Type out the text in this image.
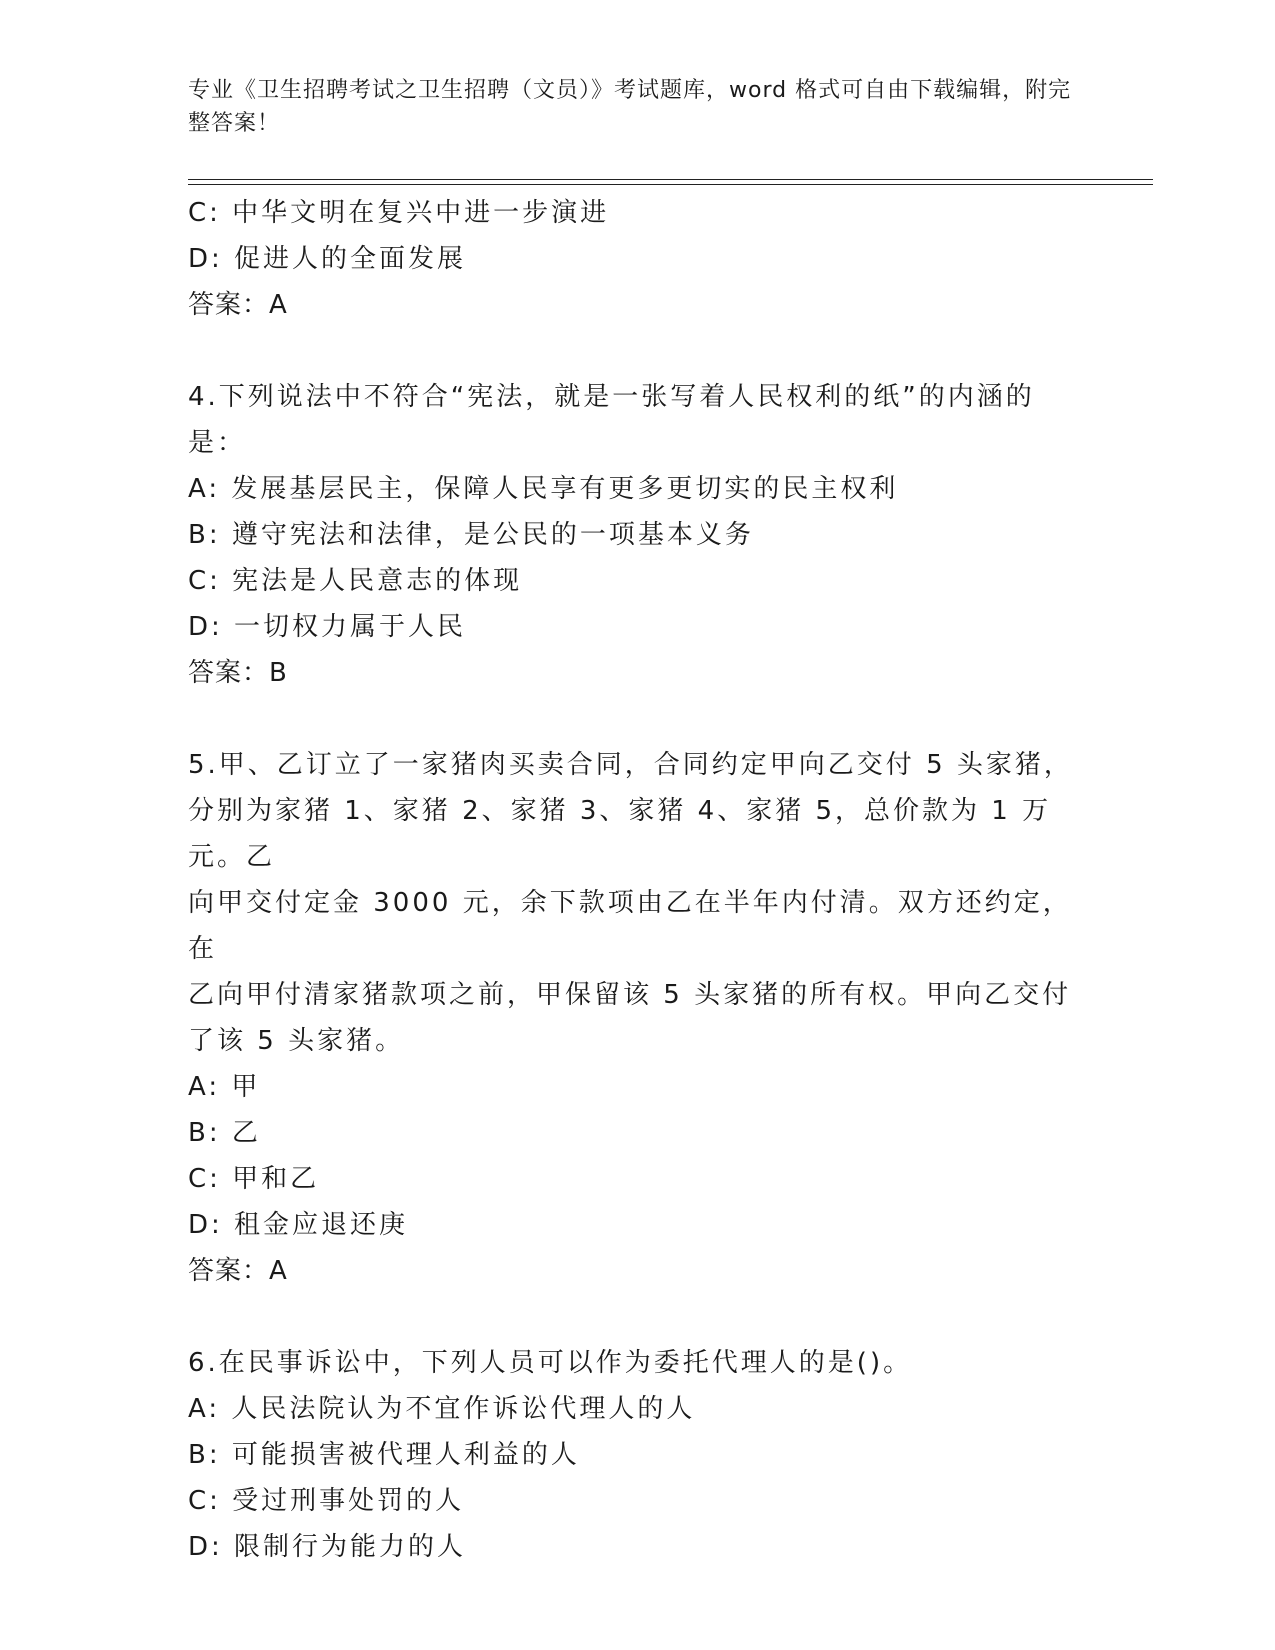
专业《卫生招聘考试之卫生招聘（文员）》考试题库，word 格式可自由下载编辑，附完整答案！
C: 中华文明在复兴中进一步演进
D: 促进人的全面发展
答案：A
4.下列说法中不符合“宪法，就是一张写着人民权利的纸”的内涵的
是：
A: 发展基层民主，保障人民享有更多更切实的民主权利
B: 遵守宪法和法律，是公民的一项基本义务
C: 宪法是人民意志的体现
D: 一切权力属于人民
答案：B
5.甲、乙订立了一家猪肉买卖合同，合同约定甲向乙交付 5 头家猪，
分别为家猪 1、家猪 2、家猪 3、家猪 4、家猪 5，总价款为 1 万元。乙
向甲交付定金 3000 元，余下款项由乙在半年内付清。双方还约定，在
乙向甲付清家猪款项之前，甲保留该 5 头家猪的所有权。甲向乙交付
了该 5 头家猪。
A: 甲
B: 乙
C: 甲和乙
D: 租金应退还庚
答案：A
6.在民事诉讼中，下列人员可以作为委托代理人的是()。
A: 人民法院认为不宜作诉讼代理人的人
B: 可能损害被代理人利益的人
C: 受过刑事处罚的人
D: 限制行为能力的人
